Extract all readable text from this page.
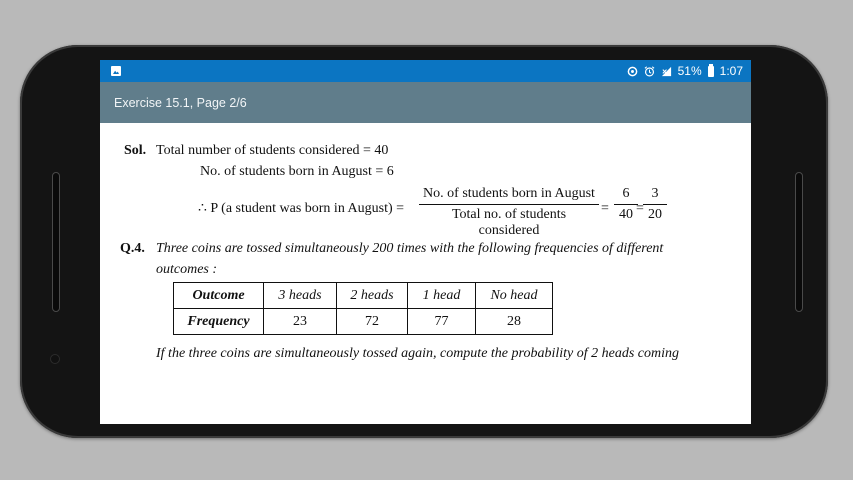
51% 1:07
Exercise 15.1, Page 2/6
Sol. Total number of students considered = 40
No. of students born in August = 6
∴ P (a student was born in August) =
No. of students born in August
Total no. of students considered
=
6
40 =
3
20
Q.4. Three coins are tossed simultaneously 200 times with the following frequencies of different
outcomes :
Outcome	3 heads	2 heads	1 head	No head
Frequency	23	72	77	28
If the three coins are simultaneously tossed again, compute the probability of 2 heads coming
